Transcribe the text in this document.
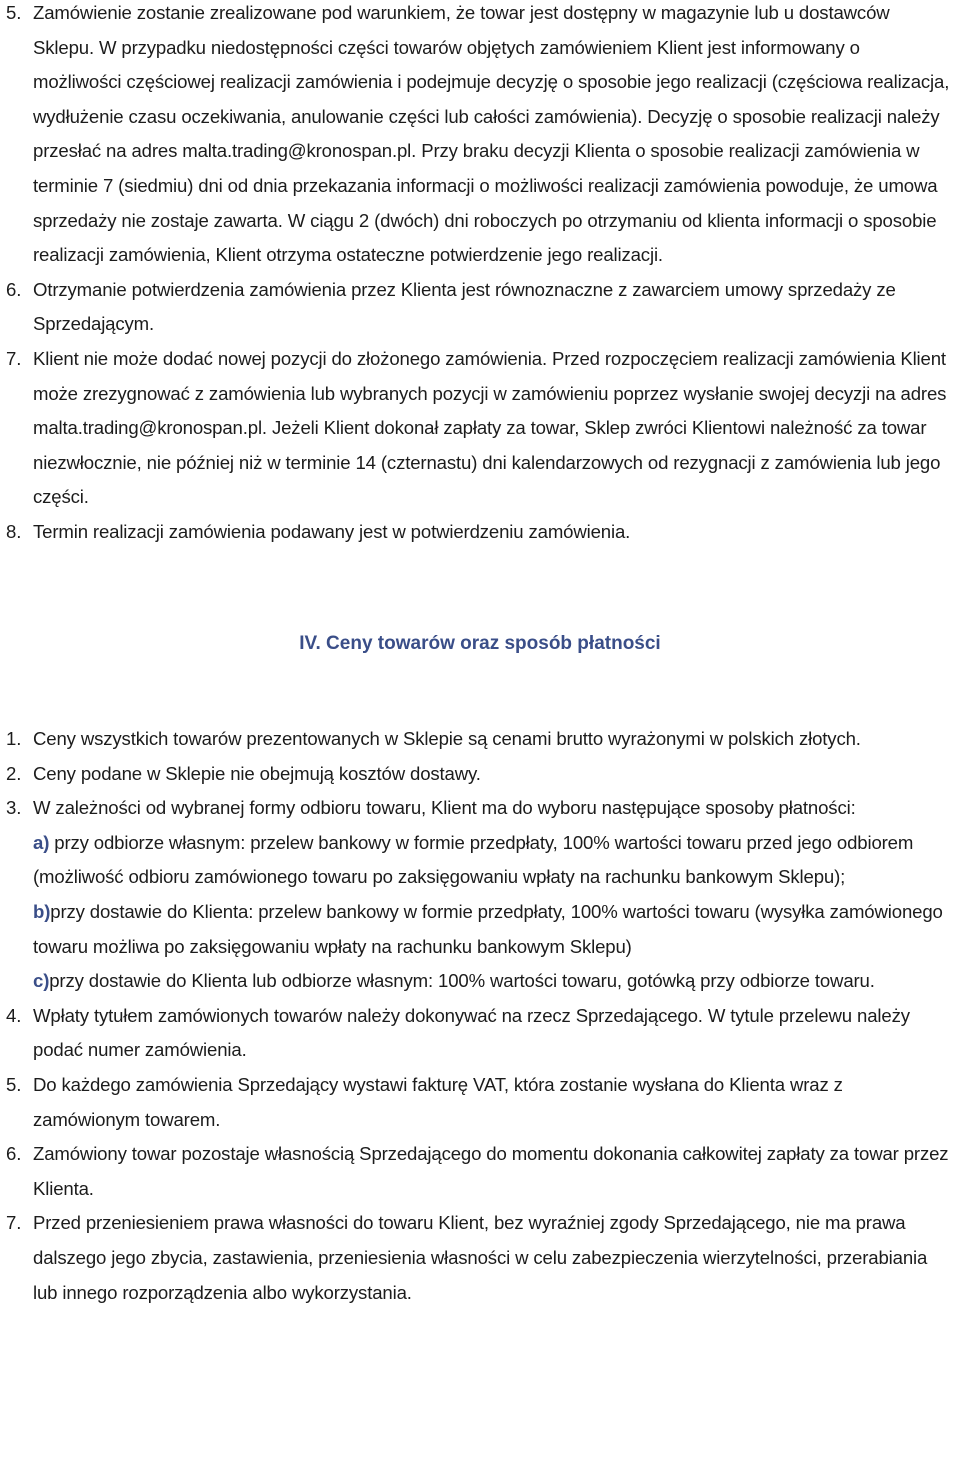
5. Zamówienie zostanie zrealizowane pod warunkiem, że towar jest dostępny w magazynie lub u dostawców Sklepu. W przypadku niedostępności części towarów objętych zamówieniem Klient jest informowany o możliwości częściowej realizacji zamówienia i podejmuje decyzję o sposobie jego realizacji (częściowa realizacja, wydłużenie czasu oczekiwania, anulowanie części lub całości zamówienia). Decyzję o sposobie realizacji należy przesłać na adres malta.trading@kronospan.pl. Przy braku decyzji Klienta o sposobie realizacji zamówienia w terminie 7 (siedmiu) dni od dnia przekazania informacji o możliwości realizacji zamówienia powoduje, że umowa sprzedaży nie zostaje zawarta. W ciągu 2 (dwóch) dni roboczych po otrzymaniu od klienta informacji o sposobie realizacji zamówienia, Klient otrzyma ostateczne potwierdzenie jego realizacji.
6. Otrzymanie potwierdzenia zamówienia przez Klienta jest równoznaczne z zawarciem umowy sprzedaży ze Sprzedającym.
7. Klient nie może dodać nowej pozycji do złożonego zamówienia. Przed rozpoczęciem realizacji zamówienia Klient może zrezygnować z zamówienia lub wybranych pozycji w zamówieniu poprzez wysłanie swojej decyzji na adres malta.trading@kronospan.pl. Jeżeli Klient dokonał zapłaty za towar, Sklep zwróci Klientowi należność za towar niezwłocznie, nie później niż w terminie 14 (czternastu) dni kalendarzowych od rezygnacji z zamówienia lub jego części.
8. Termin realizacji zamówienia podawany jest w potwierdzeniu zamówienia.
IV. Ceny towarów oraz sposób płatności
1. Ceny wszystkich towarów prezentowanych w Sklepie są cenami brutto wyrażonymi w polskich złotych.
2. Ceny podane w Sklepie nie obejmują kosztów dostawy.
3. W zależności od wybranej formy odbioru towaru, Klient ma do wyboru następujące sposoby płatności:
a) przy odbiorze własnym: przelew bankowy w formie przedpłaty, 100% wartości towaru przed jego odbiorem (możliwość odbioru zamówionego towaru po zaksięgowaniu wpłaty na rachunku bankowym Sklepu);
b)przy dostawie do Klienta: przelew bankowy w formie przedpłaty, 100% wartości towaru (wysyłka zamówionego towaru możliwa po zaksięgowaniu wpłaty na rachunku bankowym Sklepu)
c)przy dostawie do Klienta lub odbiorze własnym: 100% wartości towaru, gotówką przy odbiorze towaru.
4. Wpłaty tytułem zamówionych towarów należy dokonywać na rzecz Sprzedającego. W tytule przelewu należy podać numer zamówienia.
5. Do każdego zamówienia Sprzedający wystawi fakturę VAT, która zostanie wysłana do Klienta wraz z zamówionym towarem.
6. Zamówiony towar pozostaje własnością Sprzedającego do momentu dokonania całkowitej zapłaty za towar przez Klienta.
7. Przed przeniesieniem prawa własności do towaru Klient, bez wyraźniej zgody Sprzedającego, nie ma prawa dalszego jego zbycia, zastawienia, przeniesienia własności w celu zabezpieczenia wierzytelności, przerabiania lub innego rozporządzenia albo wykorzystania.
